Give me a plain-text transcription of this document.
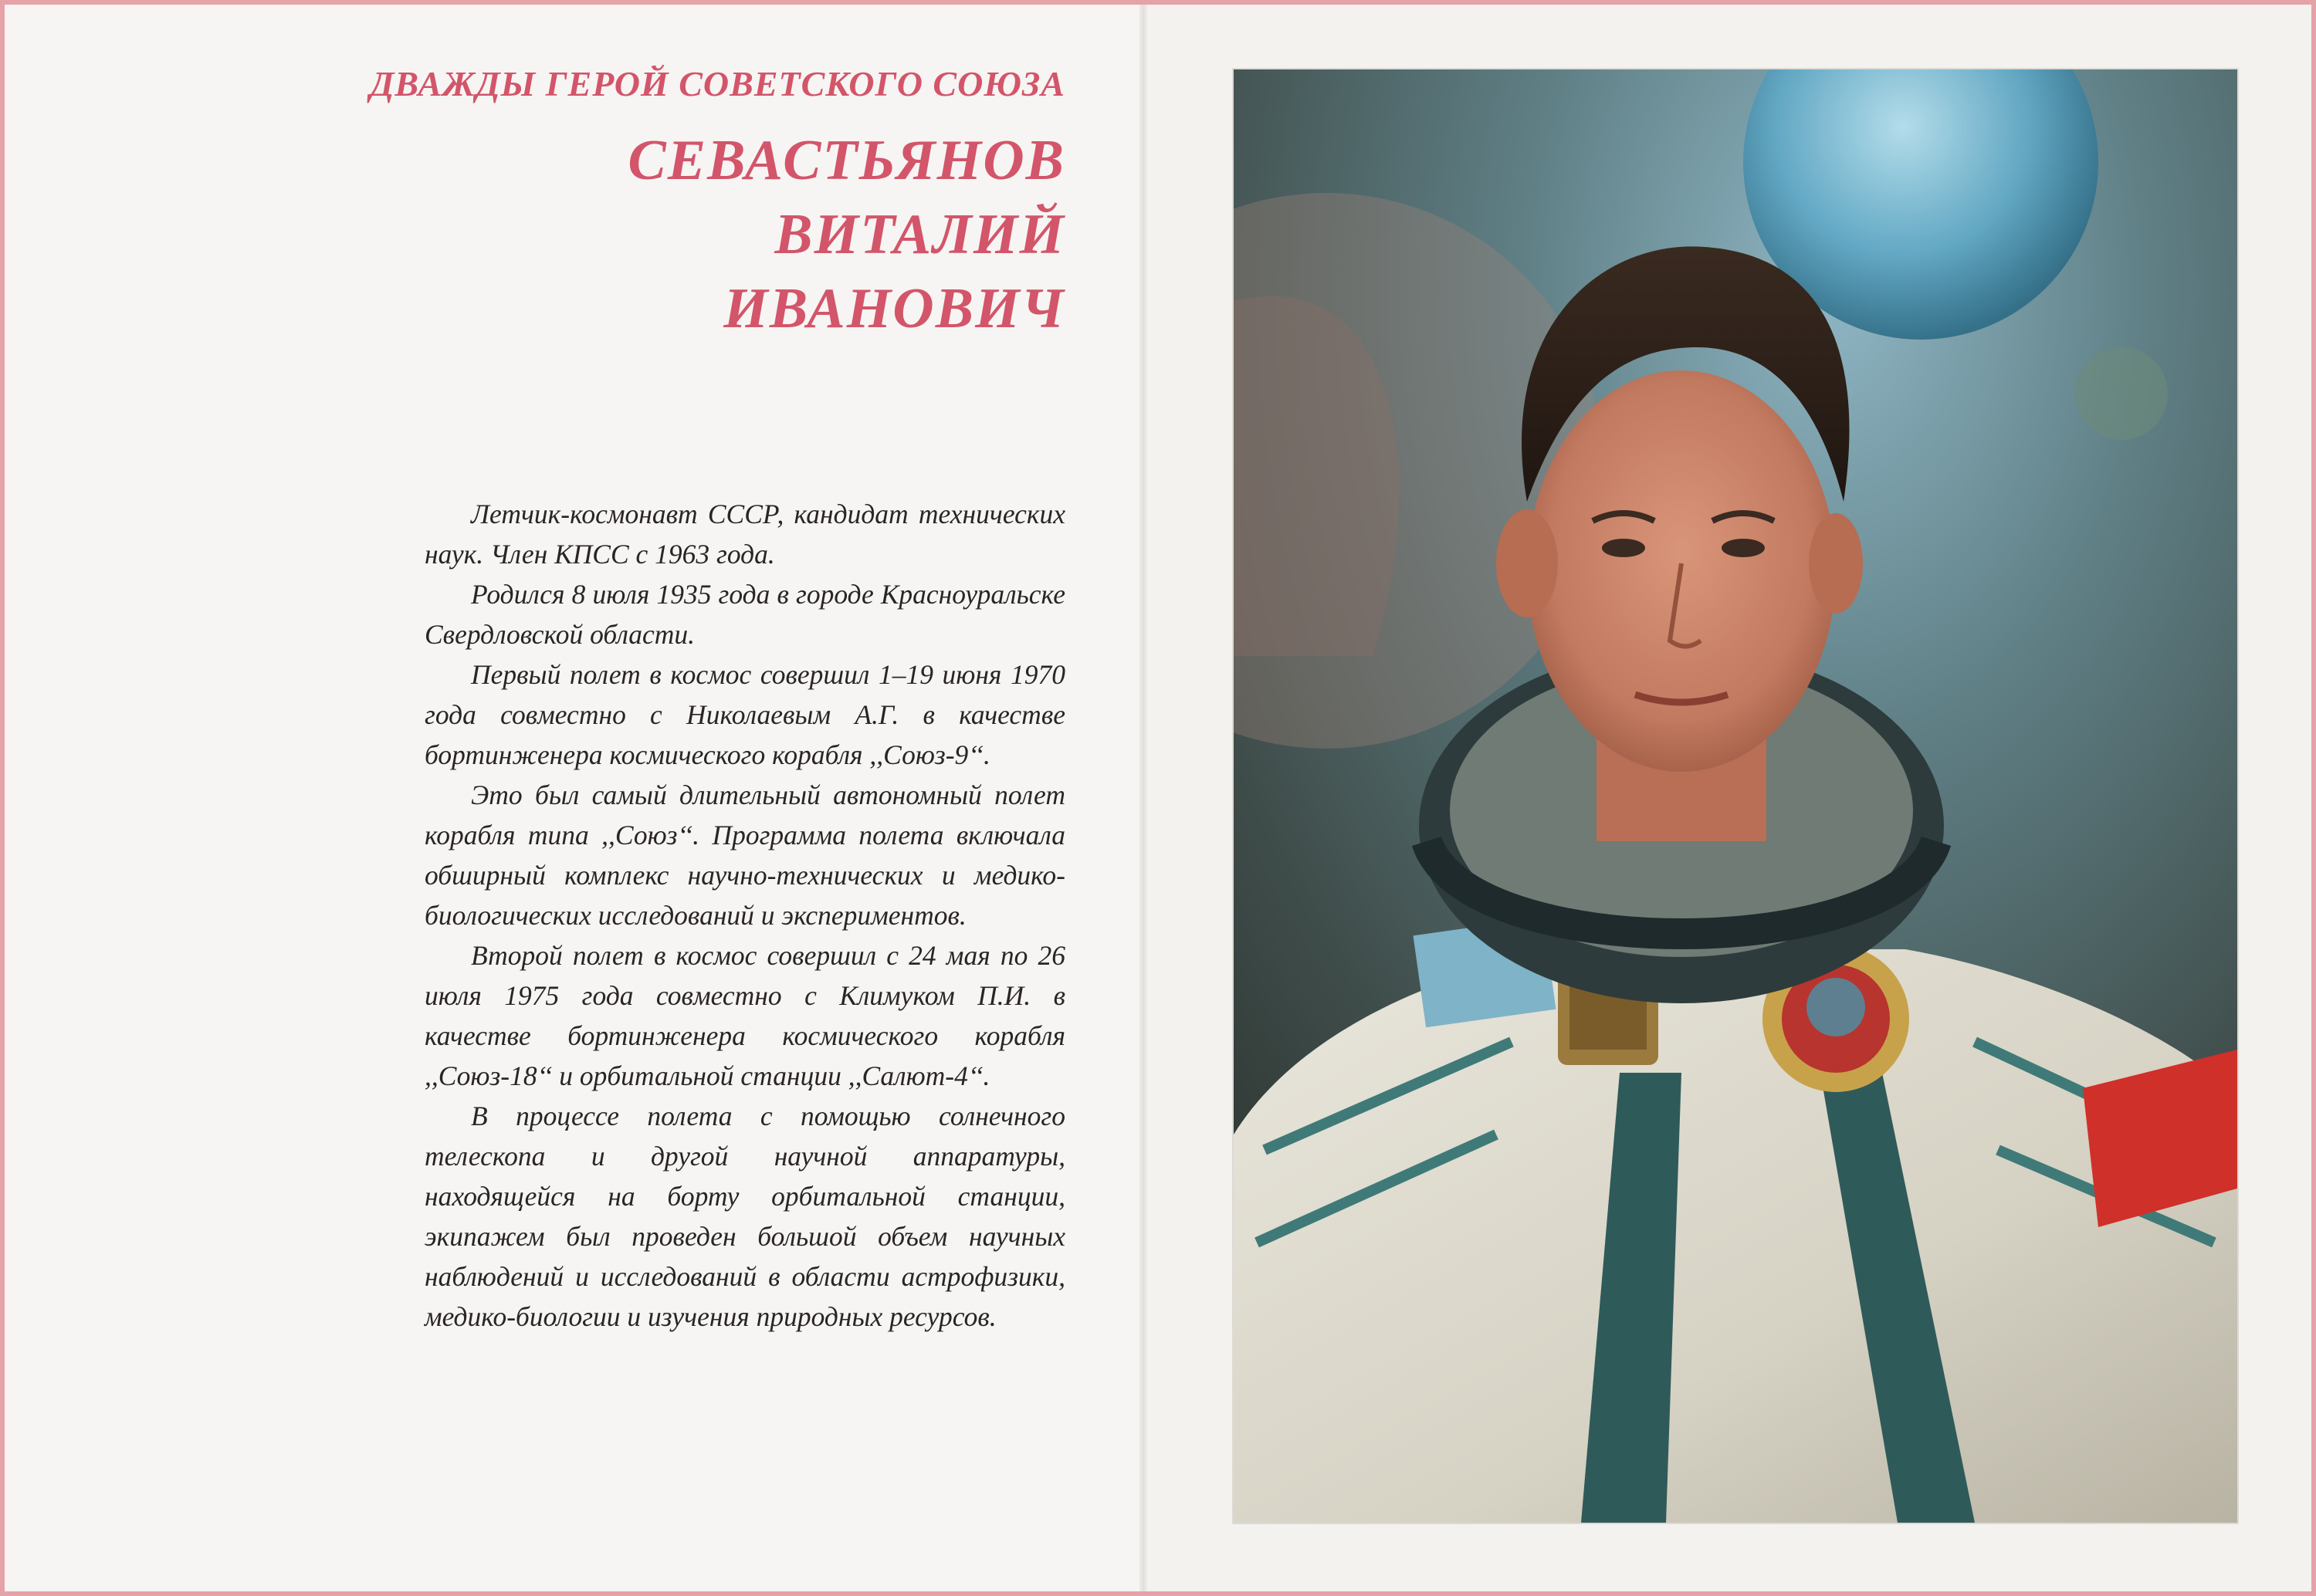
ДВАЖДЫ ГЕРОЙ СОВЕТСКОГО СОЮЗА
СЕВАСТЬЯНОВ
ВИТАЛИЙ
ИВАНОВИЧ

Летчик-космонавт СССР, кандидат технических наук. Член КПСС с 1963 года.

Родился 8 июля 1935 года в городе Красноуральске Свердловской области.

Первый полет в космос совершил 1–19 июня 1970 года совместно с Николаевым А.Г. в качестве бортинженера космического корабля ,,Союз-9‘‘.

Это был самый длительный автономный полет корабля типа ,,Союз‘‘. Программа полета включала обширный комплекс научно-технических и медико-биологических исследований и экспериментов.

Второй полет в космос совершил с 24 мая по 26 июля 1975 года совместно с Климуком П.И. в качестве бортинженера космического корабля ,,Союз-18‘‘ и орбитальной станции ,,Салют-4‘‘.

В процессе полета с помощью солнечного телескопа и другой научной аппаратуры, находящейся на борту орбитальной станции, экипажем был проведен большой объем научных наблюдений и исследований в области астрофизики, медико-биологии и изучения природных ресурсов.
